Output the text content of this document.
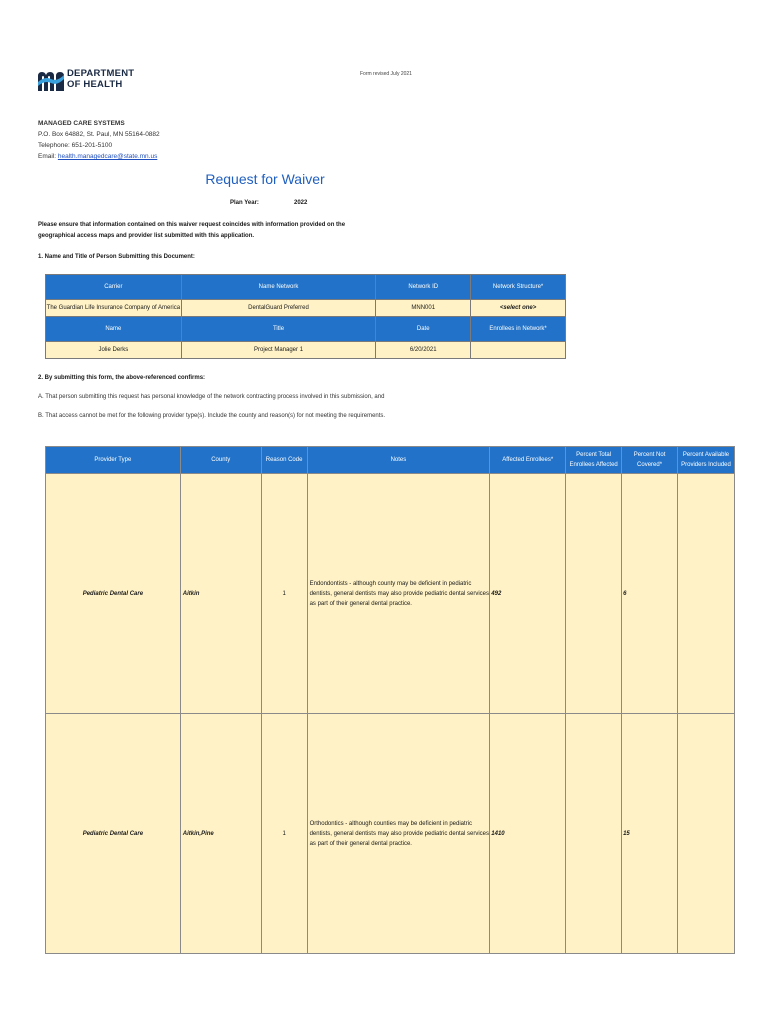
DEPARTMENT
OF HEALTH
Form revised July 2021
MANAGED CARE SYSTEMS
P.O. Box 64882, St. Paul, MN 55164-0882
Telephone: 651-201-5100
Email: health.managedcare@state.mn.us
Request for Waiver
Plan Year:	2022
Please ensure that information contained on this waiver request coincides with information provided on the
geographical access maps and provider list submitted with this application.
1. Name and Title of Person Submitting this Document:
Carrier	Name Network	Network ID	Network Structure*
The Guardian Life Insurance Company of America	DentalGuard Preferred	MNN001	<select one>
Name	Title	Date	Enrollees in Network*
Jolie Derks	Project Manager 1	6/20/2021	
2. By submitting this form, the above-referenced confirms:
A. That person submitting this request has personal knowledge of the network contracting process involved in this submission, and
B. That access cannot be met for the following provider type(s). Include the county and reason(s) for not meeting the requirements.
Provider Type	County	Reason Code	Notes	Affected Enrollees*	Percent Total Enrollees Affected	Percent Not Covered*	Percent Available Providers Included
Pediatric Dental Care	Aitkin	1	Endondontists - although county may be deficient in pediatric dentists, general dentists may also provide pediatric dental services as part of their general dental practice.	492		6	
Pediatric Dental Care	Aitkin,Pine	1	Orthodontics - although counties may be deficient in pediatric dentists, general dentists may also provide pediatric dental services as part of their general dental practice.	1410		15	
